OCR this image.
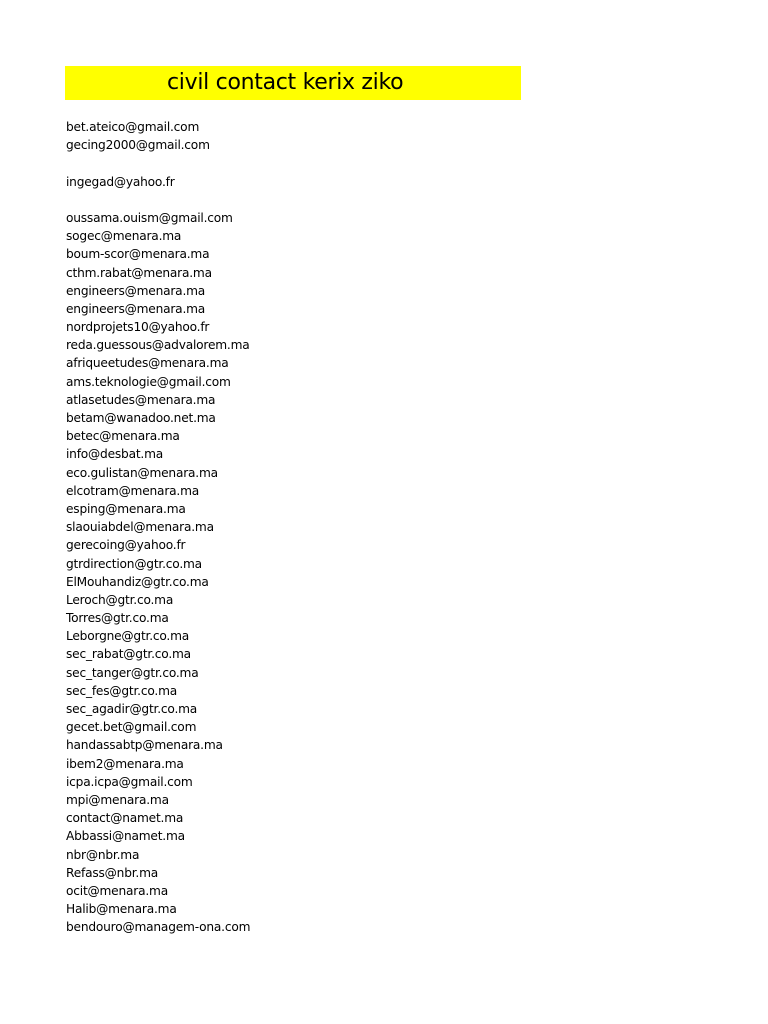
civil contact kerix ziko
bet.ateico@gmail.com
gecing2000@gmail.com
ingegad@yahoo.fr
oussama.ouism@gmail.com
sogec@menara.ma
boum-scor@menara.ma
cthm.rabat@menara.ma
engineers@menara.ma
engineers@menara.ma
nordprojets10@yahoo.fr
reda.guessous@advalorem.ma
afriqueetudes@menara.ma
ams.teknologie@gmail.com
atlasetudes@menara.ma
betam@wanadoo.net.ma
betec@menara.ma
info@desbat.ma
eco.gulistan@menara.ma
elcotram@menara.ma
esping@menara.ma
slaouiabdel@menara.ma
gerecoing@yahoo.fr
gtrdirection@gtr.co.ma
ElMouhandiz@gtr.co.ma
Leroch@gtr.co.ma
Torres@gtr.co.ma
Leborgne@gtr.co.ma
sec_rabat@gtr.co.ma
sec_tanger@gtr.co.ma
sec_fes@gtr.co.ma
sec_agadir@gtr.co.ma
gecet.bet@gmail.com
handassabtp@menara.ma
ibem2@menara.ma
icpa.icpa@gmail.com
mpi@menara.ma
contact@namet.ma
Abbassi@namet.ma
nbr@nbr.ma
Refass@nbr.ma
ocit@menara.ma
Halib@menara.ma
bendouro@managem-ona.com
